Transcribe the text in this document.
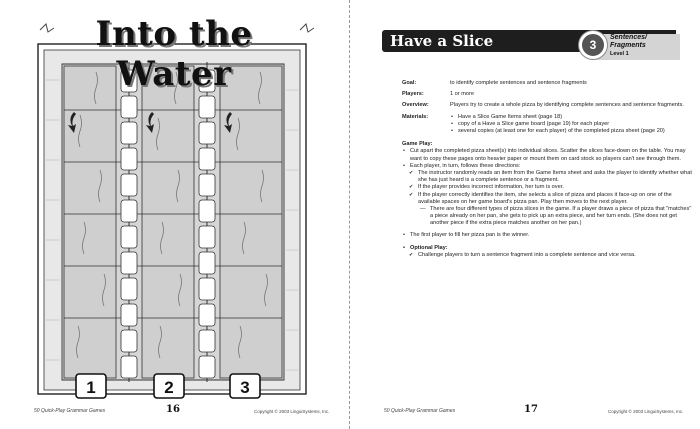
1	2	3
Into the Water
50 Quick-Play Grammar Games	16	Copyright © 2003 LinguiSystems, Inc.
Have a Slice	3
Sentences/ Fragments
Level 1
Goal:	to identify complete sentences and sentence fragments
Players:	1 or more
Overview:	Players try to create a whole pizza by identifying complete sentences and sentence fragments.
Materials:
•	Have a Slice Game Items sheet (page 18)
• copy of a Have a Slice game board (page 19) for each player
• several copies (at least one for each player) of the completed pizza sheet (page 20)
Game Play:
• Cut apart the completed pizza sheet(s) into individual slices. Scatter the slices face-down on the table. You may want to copy these pages onto heavier paper or mount them on card stock so players can't see through them.
• Each player, in turn, follows these directions:
✔ The instructor randomly reads an item from the Game Items sheet and asks the player to identify whether what she has just heard is a complete sentence or a fragment.
✔ If the player provides incorrect information, her turn is over.
✔ If the player correctly identifies the item, she selects a slice of pizza and places it face-up on one of the available spaces on her game board's pizza pan. Play then moves to the next player.
— There are four different types of pizza slices in the game. If a player draws a piece of pizza that "matches" a piece already on her pan, she gets to pick up an extra piece, and her turn ends. (She does not get another piece if the extra piece matches another on her pan.)
• The first player to fill her pizza pan is the winner.
• Optional Play:
✔ Challenge players to turn a sentence fragment into a complete sentence and vice versa.
50 Quick-Play Grammar Games	17	Copyright © 2003 LinguiSystems, Inc.
